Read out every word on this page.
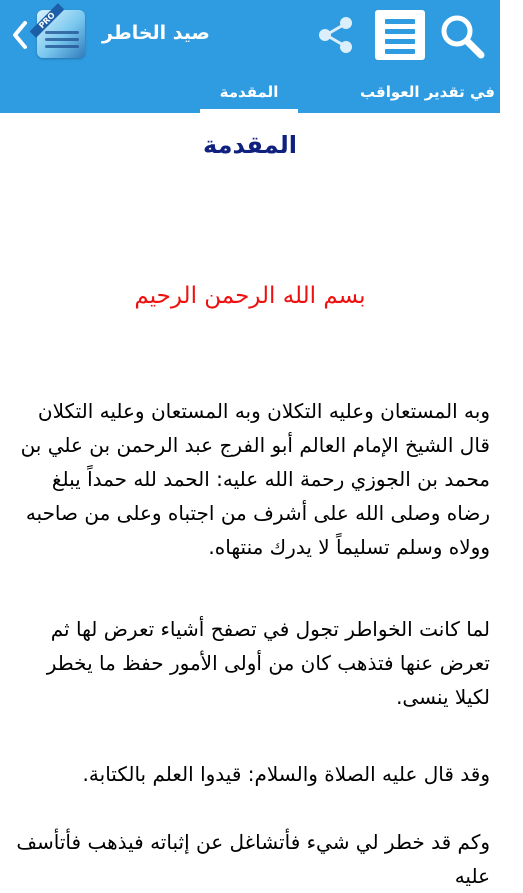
PRO
صيد الخاطر
المقدمة	1# في تقدير العواقب
المقدمة
بسم الله الرحمن الرحيم

وبه المستعان وعليه التكلان وبه المستعان وعليه التكلان قال الشيخ الإمام العالم أبو الفرج عبد الرحمن بن علي بن محمد بن الجوزي رحمة الله عليه: الحمد لله حمداً يبلغ رضاه وصلى الله على أشرف من اجتباه وعلى من صاحبه وولاه وسلم تسليماً لا يدرك منتهاه.

لما كانت الخواطر تجول في تصفح أشياء تعرض لها ثم تعرض عنها فتذهب كان من أولى الأمور حفظ ما يخطر لكيلا ينسى.

وقد قال عليه الصلاة والسلام: قيدوا العلم بالكتابة.

وكم قد خطر لي شيء فأتشاغل عن إثباته فيذهب فأتأسف عليه
